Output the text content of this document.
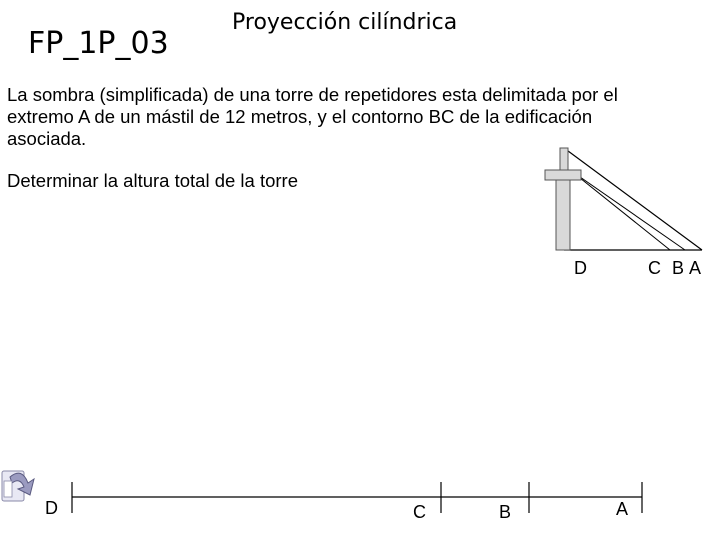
FP_1P_03
Proyección cilíndrica
La sombra (simplificada) de una torre de repetidores esta delimitada por el
extremo A de un mástil de 12 metros, y el contorno BC de la edificación
asociada.
Determinar la altura total de la torre
D	C B A
D	C	B	A
